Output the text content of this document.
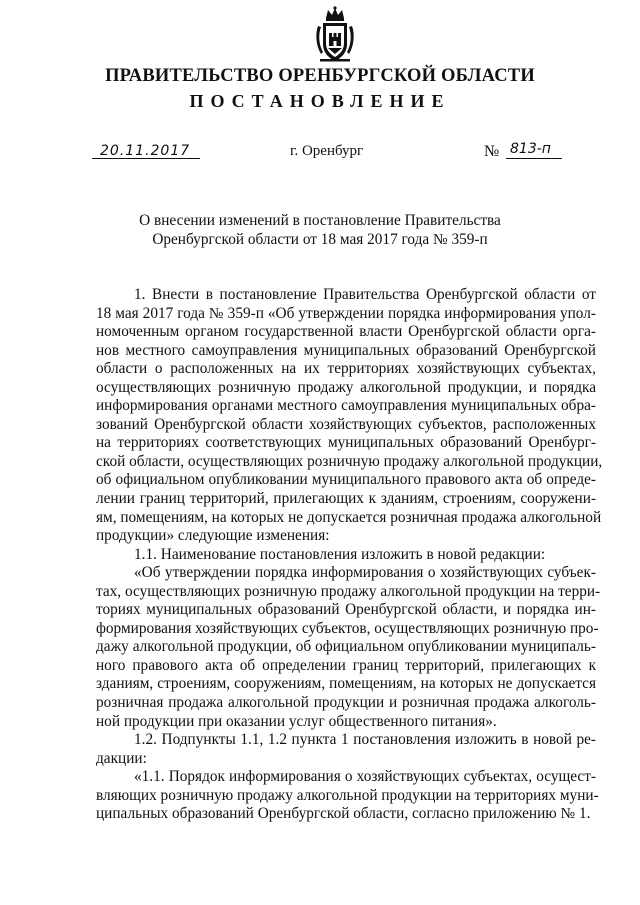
ПРАВИТЕЛЬСТВО ОРЕНБУРГСКОЙ ОБЛАСТИ
ПОСТАНОВЛЕНИЕ
20.11.2017	г. Оренбург	№ 813-п
О внесении изменений в постановление Правительства
Оренбургской области от 18 мая 2017 года № 359-п
1. Внести в постановление Правительства Оренбургской области от
18 мая 2017 года № 359-п «Об утверждении порядка информирования упол-
номоченным органом государственной власти Оренбургской области орга-
нов местного самоуправления муниципальных образований Оренбургской
области о расположенных на их территориях хозяйствующих субъектах,
осуществляющих розничную продажу алкогольной продукции, и порядка
информирования органами местного самоуправления муниципальных обра-
зований Оренбургской области хозяйствующих субъектов, расположенных
на территориях соответствующих муниципальных образований Оренбург-
ской области, осуществляющих розничную продажу алкогольной продукции,
об официальном опубликовании муниципального правового акта об опреде-
лении границ территорий, прилегающих к зданиям, строениям, сооружени-
ям, помещениям, на которых не допускается розничная продажа алкогольной
продукции» следующие изменения:
1.1. Наименование постановления изложить в новой редакции:
«Об утверждении порядка информирования о хозяйствующих субъек-
тах, осуществляющих розничную продажу алкогольной продукции на терри-
ториях муниципальных образований Оренбургской области, и порядка ин-
формирования хозяйствующих субъектов, осуществляющих розничную про-
дажу алкогольной продукции, об официальном опубликовании муниципаль-
ного правового акта об определении границ территорий, прилегающих к
зданиям, строениям, сооружениям, помещениям, на которых не допускается
розничная продажа алкогольной продукции и розничная продажа алкоголь-
ной продукции при оказании услуг общественного питания».
1.2. Подпункты 1.1, 1.2 пункта 1 постановления изложить в новой ре-
дакции:
«1.1. Порядок информирования о хозяйствующих субъектах, осущест-
вляющих розничную продажу алкогольной продукции на территориях муни-
ципальных образований Оренбургской области, согласно приложению № 1.
